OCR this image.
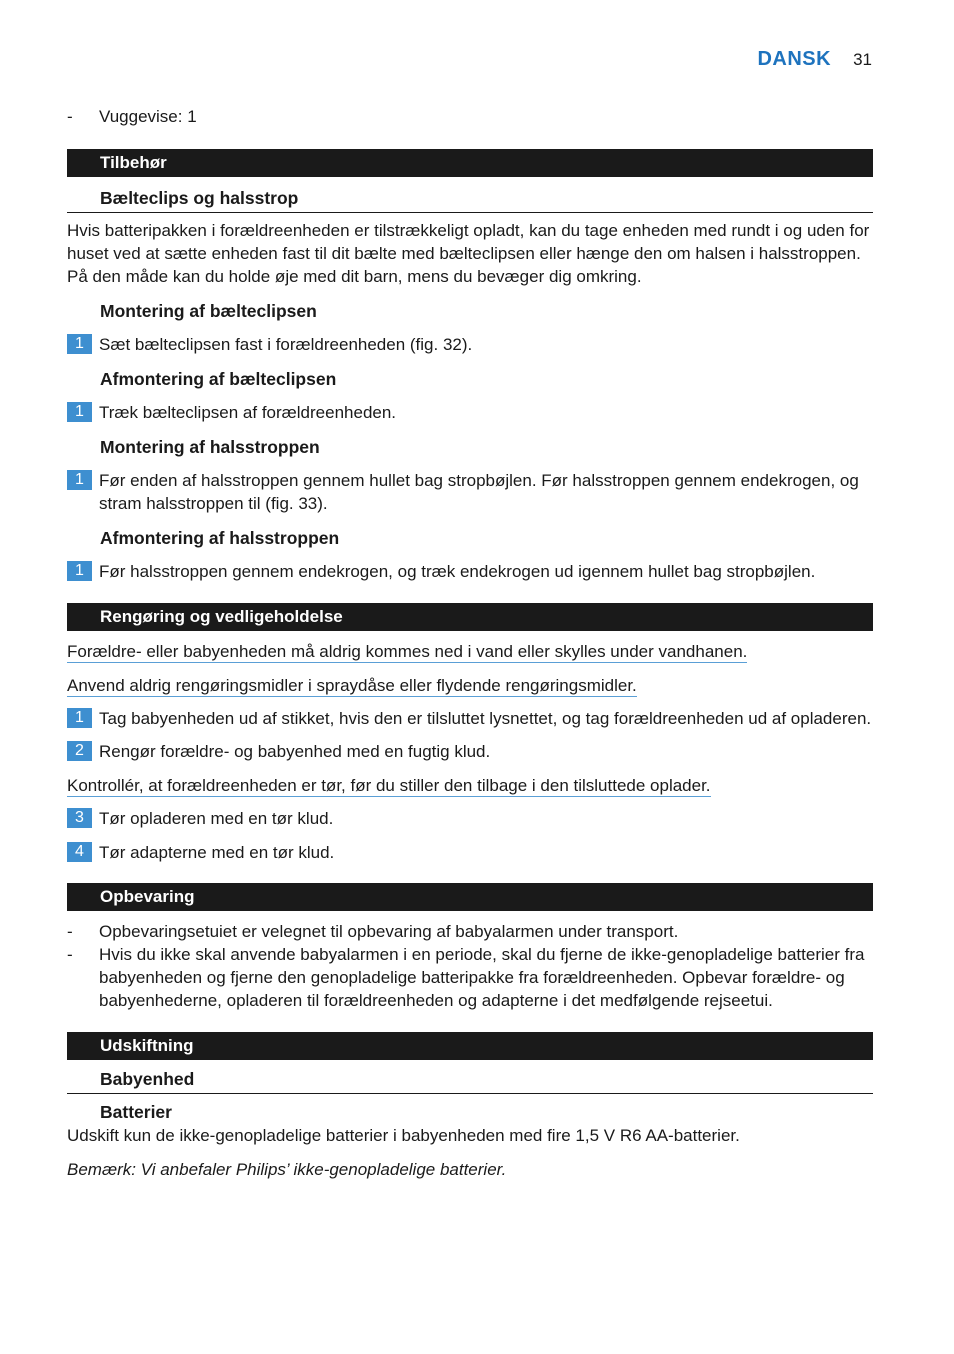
DANSK 31
-	Vuggevise: 1
Tilbehør
Bælteclips og halsstrop
Hvis batteripakken i forældreenheden er tilstrækkeligt opladt, kan du tage enheden med rundt i og uden for huset ved at sætte enheden fast til dit bælte med bælteclipsen eller hænge den om halsen i halsstroppen. På den måde kan du holde øje med dit barn, mens du bevæger dig omkring.
Montering af bælteclipsen
1 Sæt bælteclipsen fast i forældreenheden (fig. 32).
Afmontering af bælteclipsen
1 Træk bælteclipsen af forældreenheden.
Montering af halsstroppen
1 Før enden af halsstroppen gennem hullet bag stropbøjlen. Før halsstroppen gennem endekrogen, og stram halsstroppen til (fig. 33).
Afmontering af halsstroppen
1 Før halsstroppen gennem endekrogen, og træk endekrogen ud igennem hullet bag stropbøjlen.
Rengøring og vedligeholdelse
Forældre- eller babyenheden må aldrig kommes ned i vand eller skylles under vandhanen.
Anvend aldrig rengøringsmidler i spraydåse eller flydende rengøringsmidler.
1 Tag babyenheden ud af stikket, hvis den er tilsluttet lysnettet, og tag forældreenheden ud af opladeren.
2 Rengør forældre- og babyenhed med en fugtig klud.
Kontrollér, at forældreenheden er tør, før du stiller den tilbage i den tilsluttede oplader.
3 Tør opladeren med en tør klud.
4 Tør adapterne med en tør klud.
Opbevaring
-	Opbevaringsetuiet er velegnet til opbevaring af babyalarmen under transport.
-	Hvis du ikke skal anvende babyalarmen i en periode, skal du fjerne de ikke-genopladelige batterier fra babyenheden og fjerne den genopladelige batteripakke fra forældreenheden. Opbevar forældre- og babyenhederne, opladeren til forældreenheden og adapterne i det medfølgende rejseetui.
Udskiftning
Babyenhed
Batterier
Udskift kun de ikke-genopladelige batterier i babyenheden med fire 1,5 V R6 AA-batterier.
Bemærk: Vi anbefaler Philips’ ikke-genopladelige batterier.
